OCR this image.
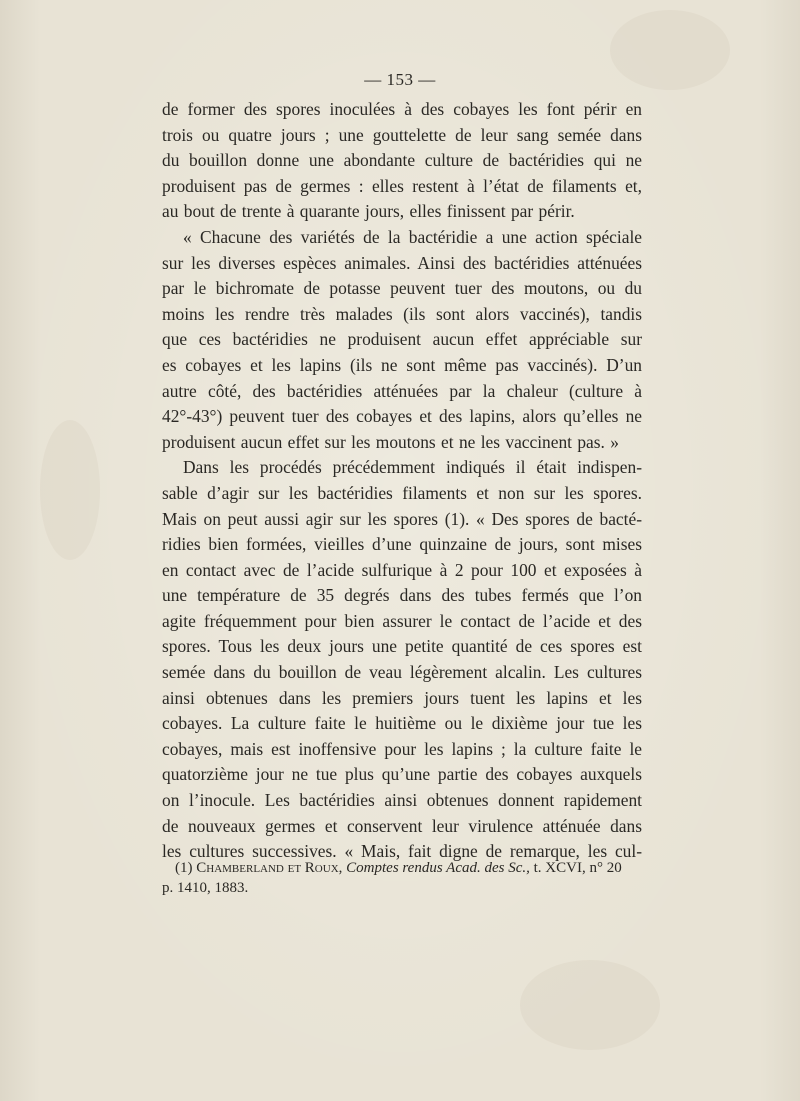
— 153 —
de former des spores inoculées à des cobayes les font périr en
trois ou quatre jours ; une gouttelette de leur sang semée dans
du bouillon donne une abondante culture de bactéridies qui ne
produisent pas de germes : elles restent à l’état de filaments et,
au bout de trente à quarante jours, elles finissent par périr.
« Chacune des variétés de la bactéridie a une action spéciale
sur les diverses espèces animales. Ainsi des bactéridies atténuées
par le bichromate de potasse peuvent tuer des moutons, ou du
moins les rendre très malades (ils sont alors vaccinés), tandis
que ces bactéridies ne produisent aucun effet appréciable sur
es cobayes et les lapins (ils ne sont même pas vaccinés). D’un
autre côté, des bactéridies atténuées par la chaleur (culture à
42°-43°) peuvent tuer des cobayes et des lapins, alors qu’elles ne
produisent aucun effet sur les moutons et ne les vaccinent pas. »
Dans les procédés précédemment indiqués il était indispen-
sable d’agir sur les bactéridies filaments et non sur les spores.
Mais on peut aussi agir sur les spores (1). « Des spores de bacté-
ridies bien formées, vieilles d’une quinzaine de jours, sont mises
en contact avec de l’acide sulfurique à 2 pour 100 et exposées à
une température de 35 degrés dans des tubes fermés que l’on
agite fréquemment pour bien assurer le contact de l’acide et des
spores. Tous les deux jours une petite quantité de ces spores est
semée dans du bouillon de veau légèrement alcalin. Les cultures
ainsi obtenues dans les premiers jours tuent les lapins et les
cobayes. La culture faite le huitième ou le dixième jour tue les
cobayes, mais est inoffensive pour les lapins ; la culture faite le
quatorzième jour ne tue plus qu’une partie des cobayes auxquels
on l’inocule. Les bactéridies ainsi obtenues donnent rapidement
de nouveaux germes et conservent leur virulence atténuée dans
les cultures successives. « Mais, fait digne de remarque, les cul-
(1) Chamberland et Roux, Comptes rendus Acad. des Sc., t. XCVI, n° 20
p. 1410, 1883.
